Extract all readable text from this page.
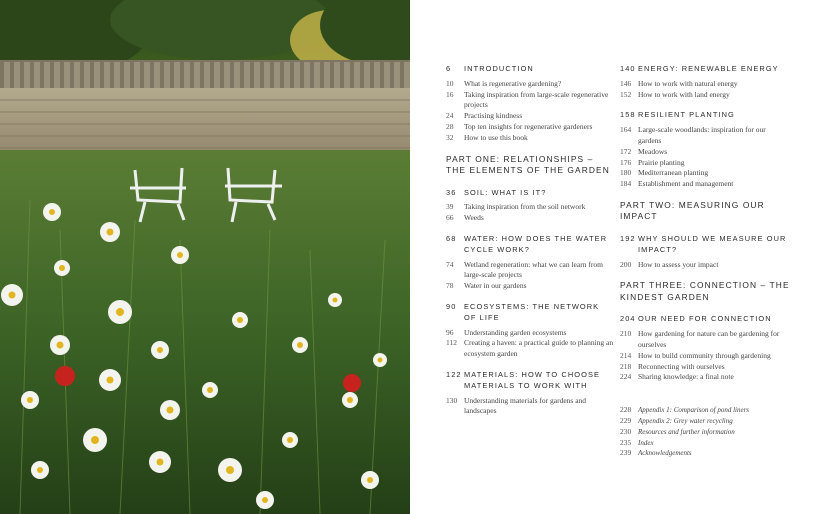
6	INTRODUCTION
10	What is regenerative gardening?
16	Taking inspiration from large-scale regenerative projects
24	Practising kindness
28	Top ten insights for regenerative gardeners
32	How to use this book
PART ONE: RELATIONSHIPS – THE ELEMENTS OF THE GARDEN
36	SOIL: WHAT IS IT?
39	Taking inspiration from the soil network
66	Weeds
68	WATER: HOW DOES THE WATER CYCLE WORK?
74	Wetland regeneration: what we can learn from large-scale projects
78	Water in our gardens
90	ECOSYSTEMS: THE NETWORK OF LIFE
96	Understanding garden ecosystems
112 Creating a haven: a practical guide to planning an ecosystem garden
122 MATERIALS: HOW TO CHOOSE MATERIALS TO WORK WITH
130 Understanding materials for gardens and landscapes
140 ENERGY: RENEWABLE ENERGY
146 How to work with natural energy
152 How to work with land energy
158 RESILIENT PLANTING
164 Large-scale woodlands: inspiration for our gardens
172 Meadows
176 Prairie planting
180 Mediterranean planting
184 Establishment and management
PART TWO: MEASURING OUR IMPACT
192 WHY SHOULD WE MEASURE OUR IMPACT?
200 How to assess your impact
PART THREE: CONNECTION – THE KINDEST GARDEN
204 OUR NEED FOR CONNECTION
210 How gardening for nature can be gardening for ourselves
214 How to build community through gardening
218 Reconnecting with ourselves
224 Sharing knowledge: a final note
228 Appendix 1: Comparison of pond liners
229 Appendix 2: Grey water recycling
230 Resources and further information
235 Index
239 Acknowledgements
